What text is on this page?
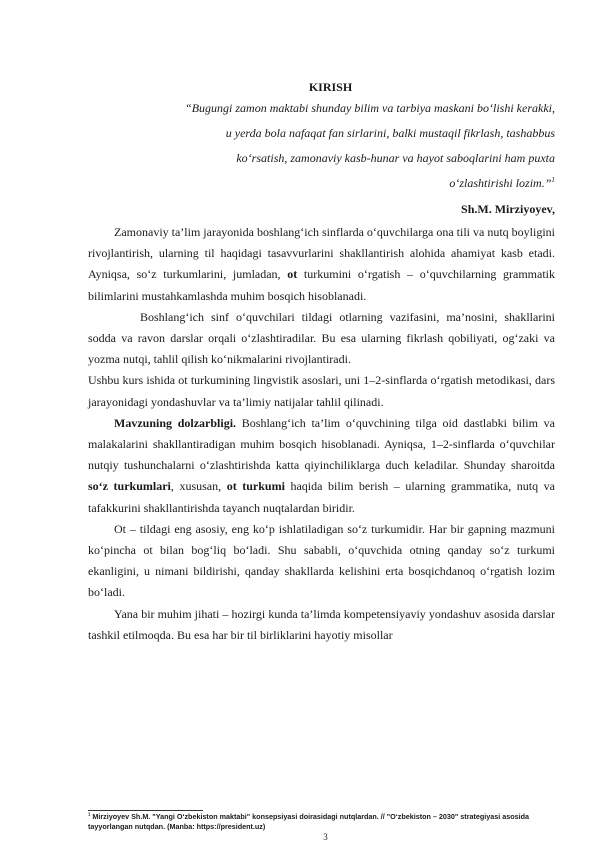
KIRISH

“Bugungi zamon maktabi shunday bilim va tarbiya maskani bo‘lishi kerakki,

u yerda bola nafaqat fan sirlarini, balki mustaqil fikrlash, tashabbus

ko‘rsatish, zamonaviy kasb-hunar va hayot saboqlarini ham puxta

o‘zlashtirishi lozim.”$^1$

Sh.M. Mirziyoyev,

Zamonaviy ta’lim jarayonida boshlang‘ich sinflarda o‘quvchilarga ona tili va nutq boyligini rivojlantirish, ularning til haqidagi tasavvurlarini shakllantirish alohida ahamiyat kasb etadi. Ayniqsa, so‘z turkumlarini, jumladan, ot turkumini o‘rgatish – o‘quvchilarning grammatik bilimlarini mustahkamlashda muhim bosqich hisoblanadi.

Boshlang‘ich sinf o‘quvchilari tildagi otlarning vazifasini, ma’nosini, shakllarini sodda va ravon darslar orqali o‘zlashtiradilar. Bu esa ularning fikrlash qobiliyati, og‘zaki va yozma nutqi, tahlil qilish ko‘nikmalarini rivojlantiradi.

Ushbu kurs ishida ot turkumining lingvistik asoslari, uni 1–2-sinflarda o‘rgatish metodikasi, dars jarayonidagi yondashuvlar va ta’limiy natijalar tahlil qilinadi.

Mavzuning dolzarbligi. Boshlang‘ich ta’lim o‘quvchining tilga oid dastlabki bilim va malakalarini shakllantiradigan muhim bosqich hisoblanadi. Ayniqsa, 1–2-sinflarda o‘quvchilar nutqiy tushunchalarni o‘zlashtirishda katta qiyinchiliklarga duch keladilar. Shunday sharoitda so‘z turkumlari, xususan, ot turkumi haqida bilim berish – ularning grammatika, nutq va tafakkurini shakllantirishda tayanch nuqtalardan biridir.

Ot – tildagi eng asosiy, eng ko‘p ishlatiladigan so‘z turkumidir. Har bir gapning mazmuni ko‘pincha ot bilan bog‘liq bo‘ladi. Shu sababli, o‘quvchida otning qanday so‘z turkumi ekanligini, u nimani bildirishi, qanday shakllarda kelishini erta bosqichdanoq o‘rgatish lozim bo‘ladi.

Yana bir muhim jihati – hozirgi kunda ta’limda kompetensiyaviy yondashuv asosida darslar tashkil etilmoqda. Bu esa har bir til birliklarini hayotiy misollar

$^1$ Mirziyoyev Sh.M. "Yangi O‘zbekiston maktabi" konsepsiyasi doirasidagi nutqlardan. // "O‘zbekiston – 2030" strategiyasi asosida tayyorlangan nutqdan. (Manba: https://president.uz)
3
